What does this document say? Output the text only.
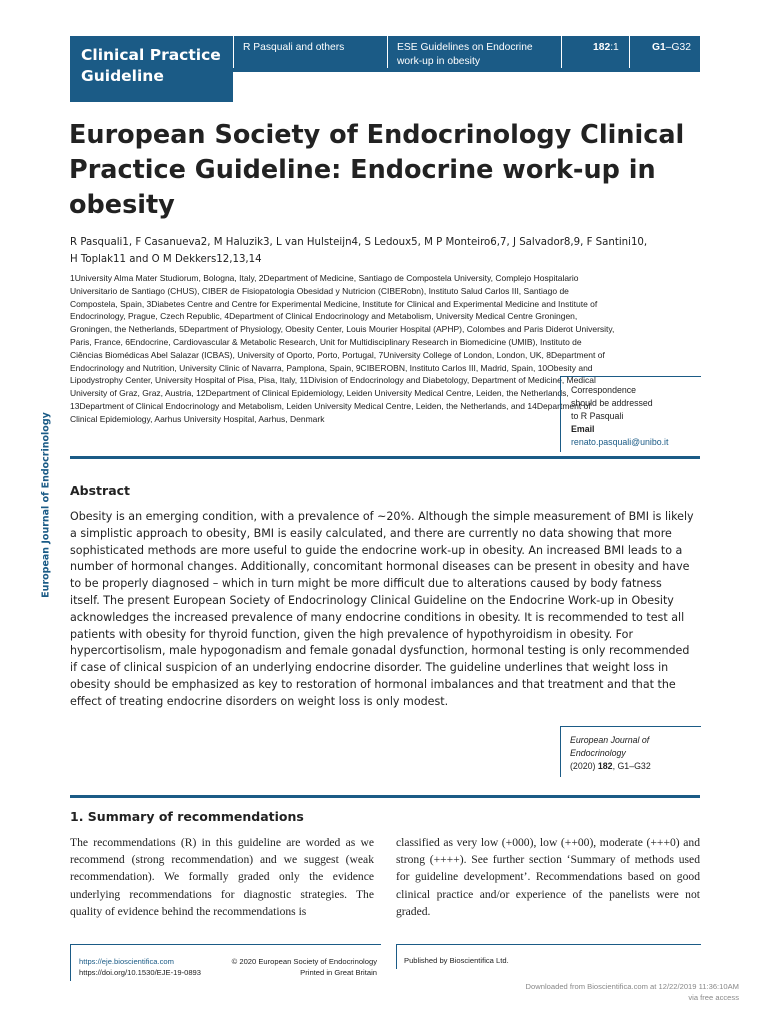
Clinical Practice Guideline
R Pasquali and others	ESE Guidelines on Endocrine work-up in obesity
182:1	G1–G32
European Journal of Endocrinology
European Society of Endocrinology Clinical Practice Guideline: Endocrine work-up in obesity
R Pasquali1, F Casanueva2, M Haluzik3, L van Hulsteijn4, S Ledoux5, M P Monteiro6,7, J Salvador8,9, F Santini10,
H Toplak11 and O M Dekkers12,13,14
1University Alma Mater Studiorum, Bologna, Italy, 2Department of Medicine, Santiago de Compostela University, Complejo Hospitalario Universitario de Santiago (CHUS), CIBER de Fisiopatologia Obesidad y Nutricion (CIBERobn), Instituto Salud Carlos III, Santiago de Compostela, Spain, 3Diabetes Centre and Centre for Experimental Medicine, Institute for Clinical and Experimental Medicine and Institute of Endocrinology, Prague, Czech Republic, 4Department of Clinical Endocrinology and Metabolism, University Medical Centre Groningen, Groningen, the Netherlands, 5Department of Physiology, Obesity Center, Louis Mourier Hospital (APHP), Colombes and Paris Diderot University, Paris, France, 6Endocrine, Cardiovascular & Metabolic Research, Unit for Multidisciplinary Research in Biomedicine (UMIB), Instituto de Ciências Biomédicas Abel Salazar (ICBAS), University of Oporto, Porto, Portugal, 7University College of London, London, UK, 8Department of Endocrinology and Nutrition, University Clinic of Navarra, Pamplona, Spain, 9CIBEROBN, Instituto Carlos III, Madrid, Spain, 10Obesity and Lipodystrophy Center, University Hospital of Pisa, Pisa, Italy, 11Division of Endocrinology and Diabetology, Department of Medicine, Medical University of Graz, Graz, Austria, 12Department of Clinical Epidemiology, Leiden University Medical Centre, Leiden, the Netherlands, 13Department of Clinical Endocrinology and Metabolism, Leiden University Medical Centre, Leiden, the Netherlands, and 14Department of Clinical Epidemiology, Aarhus University Hospital, Aarhus, Denmark
Correspondence
should be addressed
to R Pasquali
Email
renato.pasquali@unibo.it
Abstract
Obesity is an emerging condition, with a prevalence of ~20%. Although the simple measurement of BMI is likely a simplistic approach to obesity, BMI is easily calculated, and there are currently no data showing that more sophisticated methods are more useful to guide the endocrine work-up in obesity. An increased BMI leads to a number of hormonal changes. Additionally, concomitant hormonal diseases can be present in obesity and have to be properly diagnosed – which in turn might be more difficult due to alterations caused by body fatness itself. The present European Society of Endocrinology Clinical Guideline on the Endocrine Work-up in Obesity acknowledges the increased prevalence of many endocrine conditions in obesity. It is recommended to test all patients with obesity for thyroid function, given the high prevalence of hypothyroidism in obesity. For hypercortisolism, male hypogonadism and female gonadal dysfunction, hormonal testing is only recommended if case of clinical suspicion of an underlying endocrine disorder. The guideline underlines that weight loss in obesity should be emphasized as key to restoration of hormonal imbalances and that treatment and that the effect of treating endocrine disorders on weight loss is only modest.
European Journal of Endocrinology
(2020) 182, G1–G32
1. Summary of recommendations
The recommendations (R) in this guideline are worded as we recommend (strong recommendation) and we suggest (weak recommendation). We formally graded only the evidence underlying recommendations for diagnostic strategies. The quality of evidence behind the recommendations is
classified as very low (+000), low (++00), moderate (+++0) and strong (++++). See further section ‘Summary of methods used for guideline development’. Recommendations based on good clinical practice and/or experience of the panelists were not graded.
https://eje.bioscientifica.com
https://doi.org/10.1530/EJE-19-0893
© 2020 European Society of Endocrinology
Printed in Great Britain
Published by Bioscientifica Ltd.
Downloaded from Bioscientifica.com at 12/22/2019 11:36:10AM
via free access
